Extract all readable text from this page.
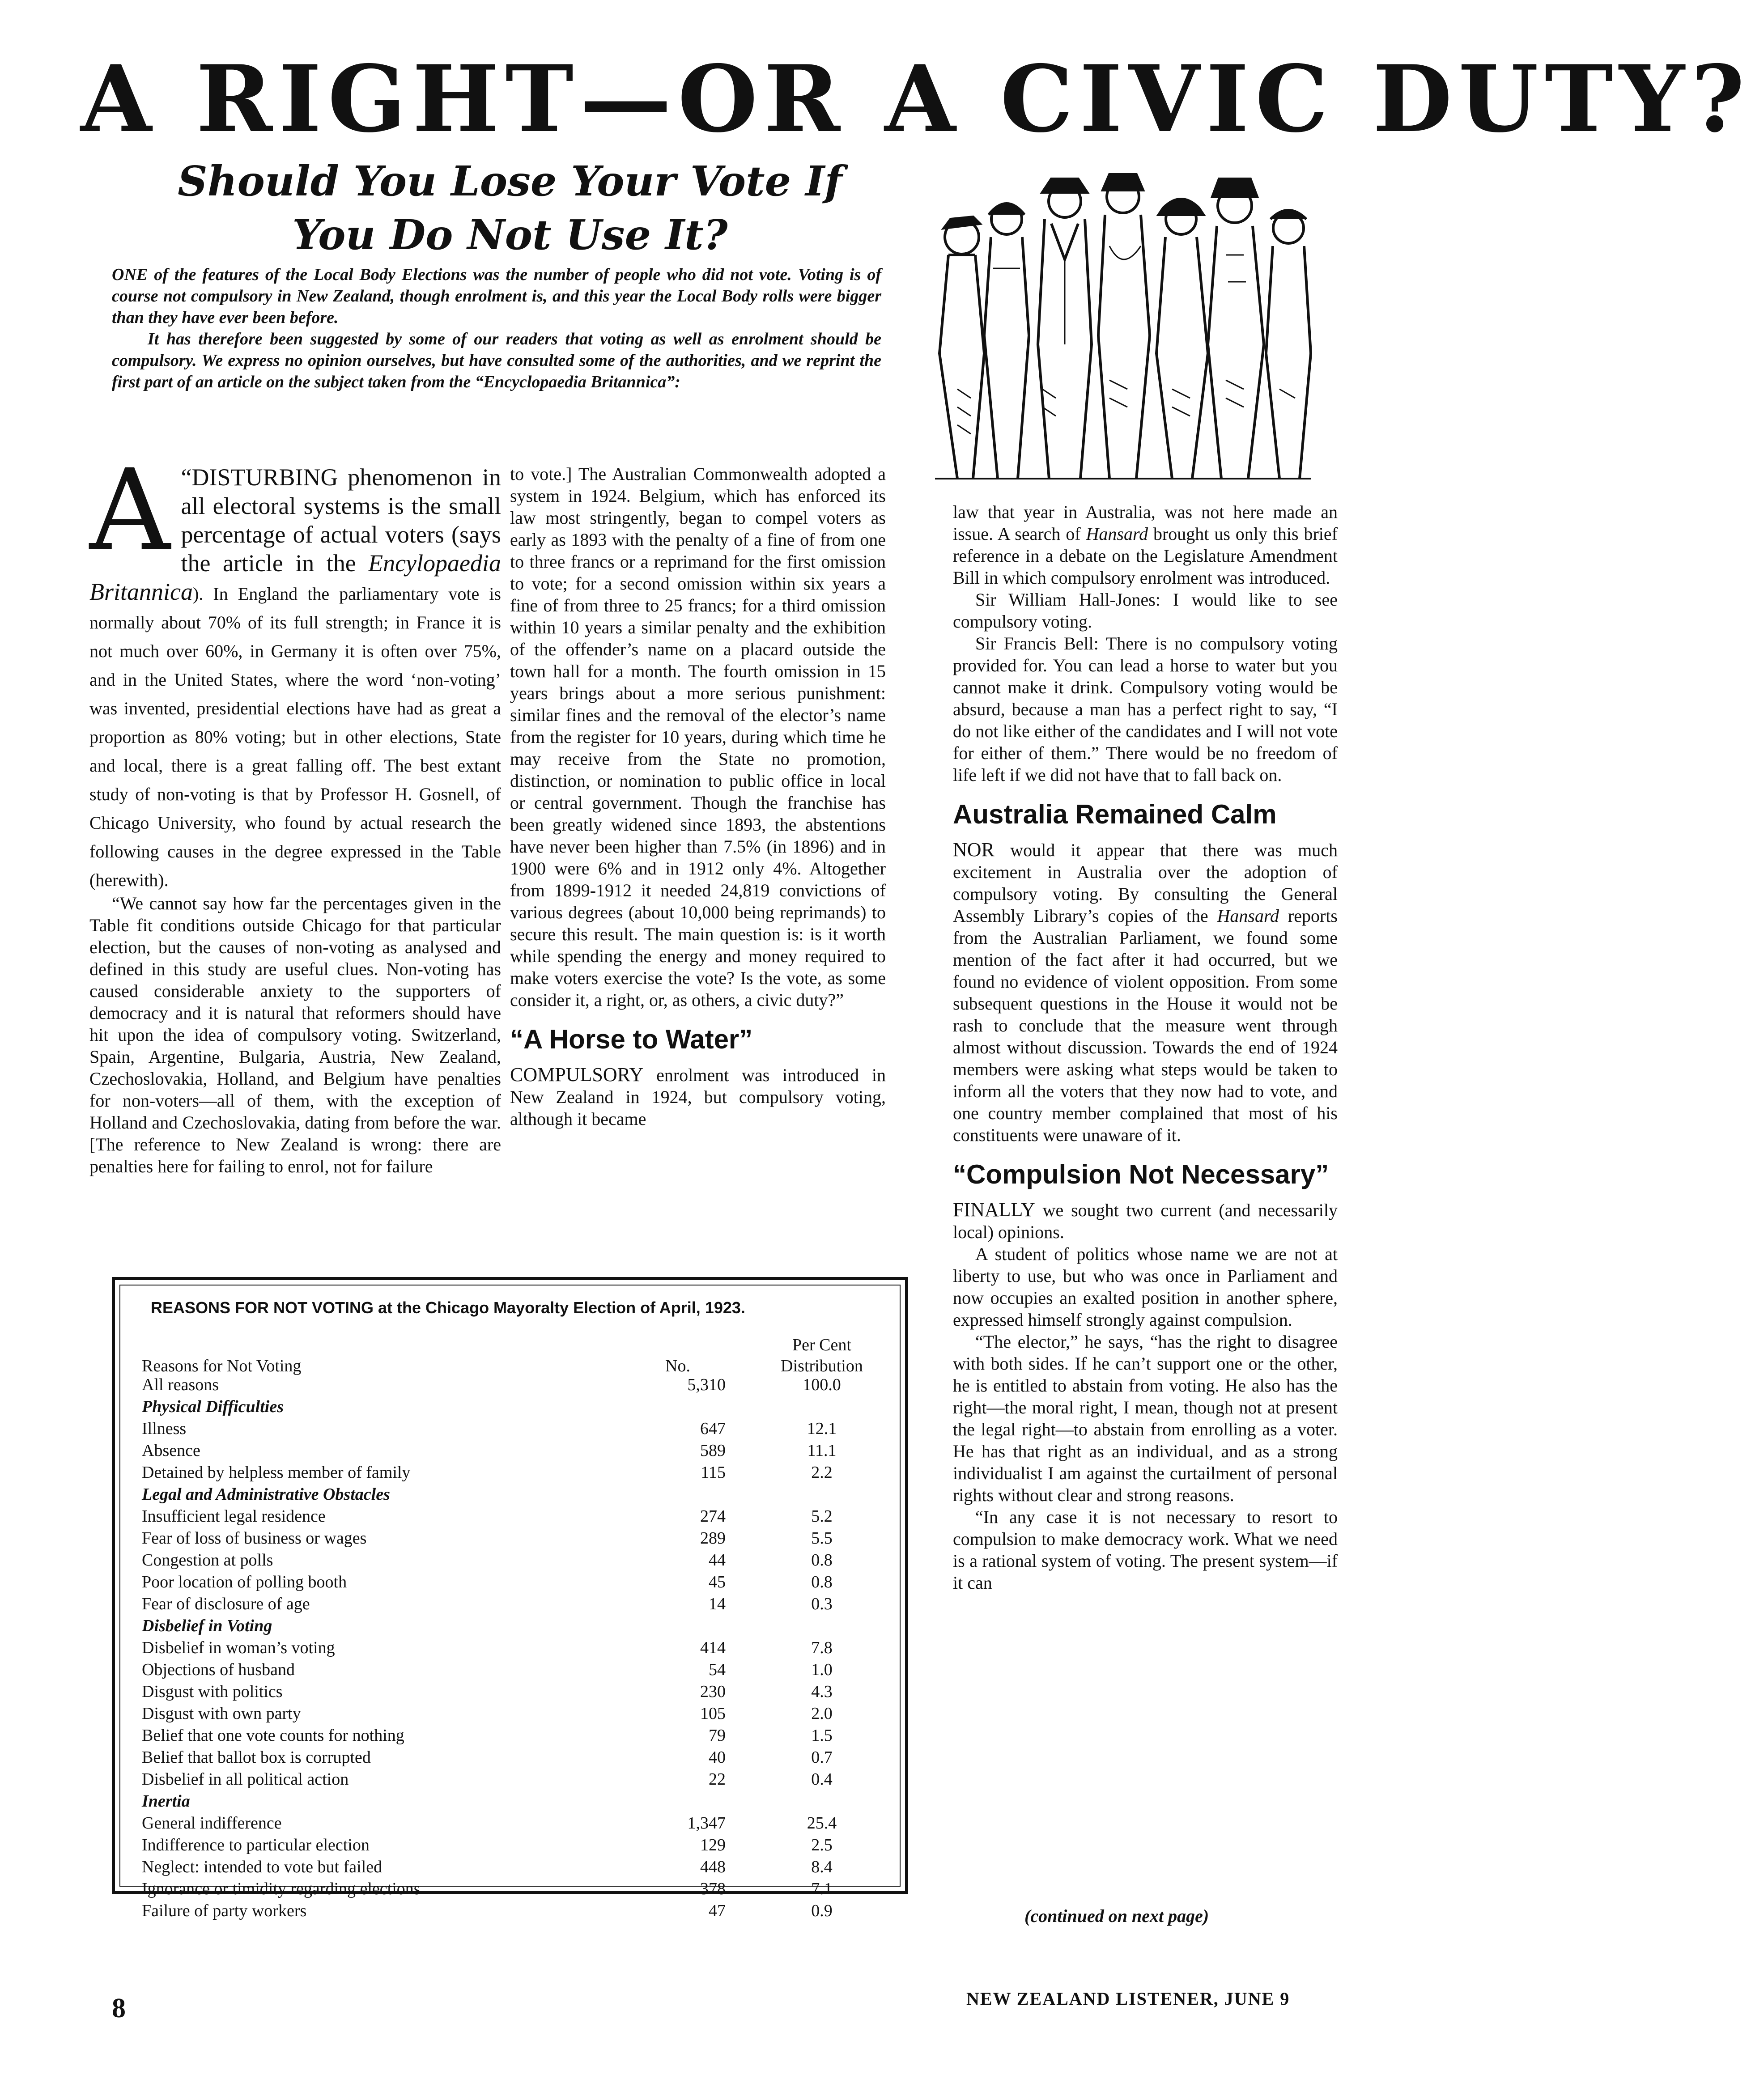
A RIGHT—OR A CIVIC DUTY?
Should You Lose Your Vote If
You Do Not Use It?

ONE of the features of the Local Body Elections was the number of people who did not vote. Voting is of course not compulsory in New Zealand, though enrolment is, and this year the Local Body rolls were bigger than they have ever been before.

It has therefore been suggested by some of our readers that voting as well as enrolment should be compulsory. We express no opinion ourselves, but have consulted some of the authorities, and we reprint the first part of an article on the subject taken from the “Encyclopaedia Britannica”:

“
A DISTURBING phenomenon in all electoral systems is the small percentage of actual voters (says the article in the Encylopaedia Britannica). In England the parliamentary vote is normally about 70% of its full strength; in France it is not much over 60%, in Germany it is often over 75%, and in the United States, where the word ‘non-voting’ was invented, presidential elections have had as great a proportion as 80% voting; but in other elections, State and local, there is a great falling off. The best extant study of non-voting is that by Professor H. Gosnell, of Chicago University, who found by actual research the following causes in the degree expressed in the Table (herewith).

“We cannot say how far the percentages given in the Table fit conditions outside Chicago for that particular election, but the causes of non-voting as analysed and defined in this study are useful clues. Non-voting has caused considerable anxiety to the supporters of democracy and it is natural that reformers should have hit upon the idea of compulsory voting. Switzerland, Spain, Argentine, Bulgaria, Austria, New Zealand, Czechoslovakia, Holland, and Belgium have penalties for non-voters—all of them, with the exception of Holland and Czechoslovakia, dating from before the war. [The reference to New Zealand is wrong: there are penalties here for failing to enrol, not for failure

to vote.] The Australian Commonwealth adopted a system in 1924. Belgium, which has enforced its law most stringently, began to compel voters as early as 1893 with the penalty of a fine of from one to three francs or a reprimand for the first omission to vote; for a second omission within six years a fine of from three to 25 francs; for a third omission within 10 years a similar penalty and the exhibition of the offender’s name on a placard outside the town hall for a month. The fourth omission in 15 years brings about a more serious punishment: similar fines and the removal of the elector’s name from the register for 10 years, during which time he may receive from the State no promotion, distinction, or nomination to public office in local or central government. Though the franchise has been greatly widened since 1893, the abstentions have never been higher than 7.5% (in 1896) and in 1900 were 6% and in 1912 only 4%. Altogether from 1899-1912 it needed 24,819 convictions of various degrees (about 10,000 being reprimands) to secure this result. The main question is: is it worth while spending the energy and money required to make voters exercise the vote? Is the vote, as some consider it, a right, or, as others, a civic duty?”

“A Horse to Water”

COMPULSORY enrolment was introduced in New Zealand in 1924, but compulsory voting, although it became

law that year in Australia, was not here made an issue. A search of Hansard brought us only this brief reference in a debate on the Legislature Amendment Bill in which compulsory enrolment was introduced.

Sir William Hall-Jones: I would like to see compulsory voting.

Sir Francis Bell: There is no compulsory voting provided for. You can lead a horse to water but you cannot make it drink. Compulsory voting would be absurd, because a man has a perfect right to say, “I do not like either of the candidates and I will not vote for either of them.” There would be no freedom of life left if we did not have that to fall back on.

Australia Remained Calm

NOR would it appear that there was much excitement in Australia over the adoption of compulsory voting. By consulting the General Assembly Library’s copies of the Hansard reports from the Australian Parliament, we found some mention of the fact after it had occurred, but we found no evidence of violent opposition. From some subsequent questions in the House it would not be rash to conclude that the measure went through almost without discussion. Towards the end of 1924 members were asking what steps would be taken to inform all the voters that they now had to vote, and one country member complained that most of his constituents were unaware of it.

“Compulsion Not Necessary”

FINALLY we sought two current (and necessarily local) opinions.

A student of politics whose name we are not at liberty to use, but who was once in Parliament and now occupies an exalted position in another sphere, expressed himself strongly against compulsion.

“The elector,” he says, “has the right to disagree with both sides. If he can’t support one or the other, he is entitled to abstain from voting. He also has the right—the moral right, I mean, though not at present the legal right—to abstain from enrolling as a voter. He has that right as an individual, and as a strong individualist I am against the curtailment of personal rights without clear and strong reasons.

“In any case it is not necessary to resort to compulsion to make democracy work. What we need is a rational system of voting. The present system—if it can

(continued on next page)
REASONS FOR NOT VOTING at the Chicago Mayoralty Election of April, 1923.
Reasons for Not Voting	No.
Per Cent
Distribution
All reasons	5,310	100.0
Physical Difficulties
Illness	647	12.1
Absence	589	11.1
Detained by helpless member of family	115	2.2
Legal and Administrative Obstacles
Insufficient legal residence	274	5.2
Fear of loss of business or wages	289	5.5
Congestion at polls	44	0.8
Poor location of polling booth	45	0.8
Fear of disclosure of age	14	0.3
Disbelief in Voting
Disbelief in woman’s voting	414	7.8
Objections of husband	54	1.0
Disgust with politics	230	4.3
Disgust with own party	105	2.0
Belief that one vote counts for nothing	79	1.5
Belief that ballot box is corrupted	40	0.7
Disbelief in all political action	22	0.4
Inertia
General indifference	1,347	25.4
Indifference to particular election	129	2.5
Neglect: intended to vote but failed	448	8.4
Ignorance or timidity regarding elections	378	7.1
Failure of party workers	47	0.9
8	NEW ZEALAND LISTENER, JUNE 9
